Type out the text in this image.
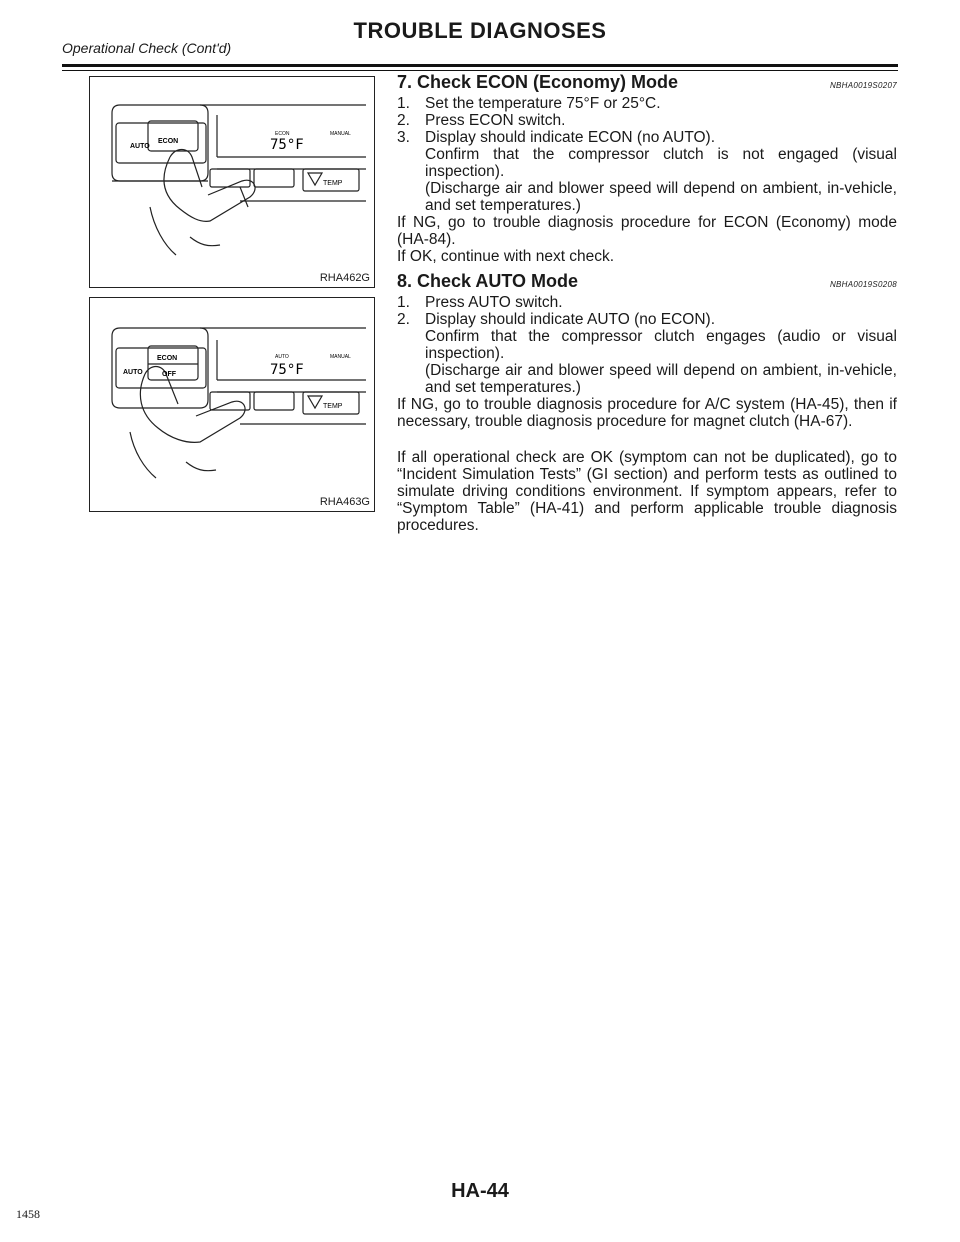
Operational Check (Cont'd)
TROUBLE DIAGNOSES
AUTO
ECON
ECON	MANUAL
75°F
TEMP
RHA462G
AUTO
ECON
OFF
AUTO	MANUAL
75°F
TEMP
RHA463G
7. Check ECON (Economy) Mode	NBHA0019S0207
1. Set the temperature 75°F or 25°C.
2. Press ECON switch.
3. Display should indicate ECON (no AUTO).
Confirm that the compressor clutch is not engaged (visual inspection).
(Discharge air and blower speed will depend on ambient, in-vehicle, and set temperatures.)
If NG, go to trouble diagnosis procedure for ECON (Economy) mode (HA-84).
If OK, continue with next check.
8. Check AUTO Mode	NBHA0019S0208
1. Press AUTO switch.
2. Display should indicate AUTO (no ECON).
Confirm that the compressor clutch engages (audio or visual inspection).
(Discharge air and blower speed will depend on ambient, in-vehicle, and set temperatures.)
If NG, go to trouble diagnosis procedure for A/C system (HA-45), then if necessary, trouble diagnosis procedure for magnet clutch (HA-67).
If all operational check are OK (symptom can not be duplicated), go to “Incident Simulation Tests” (GI section) and perform tests as outlined to simulate driving conditions environment. If symptom appears, refer to “Symptom Table” (HA-41) and perform applicable trouble diagnosis procedures.
HA-44
1458
